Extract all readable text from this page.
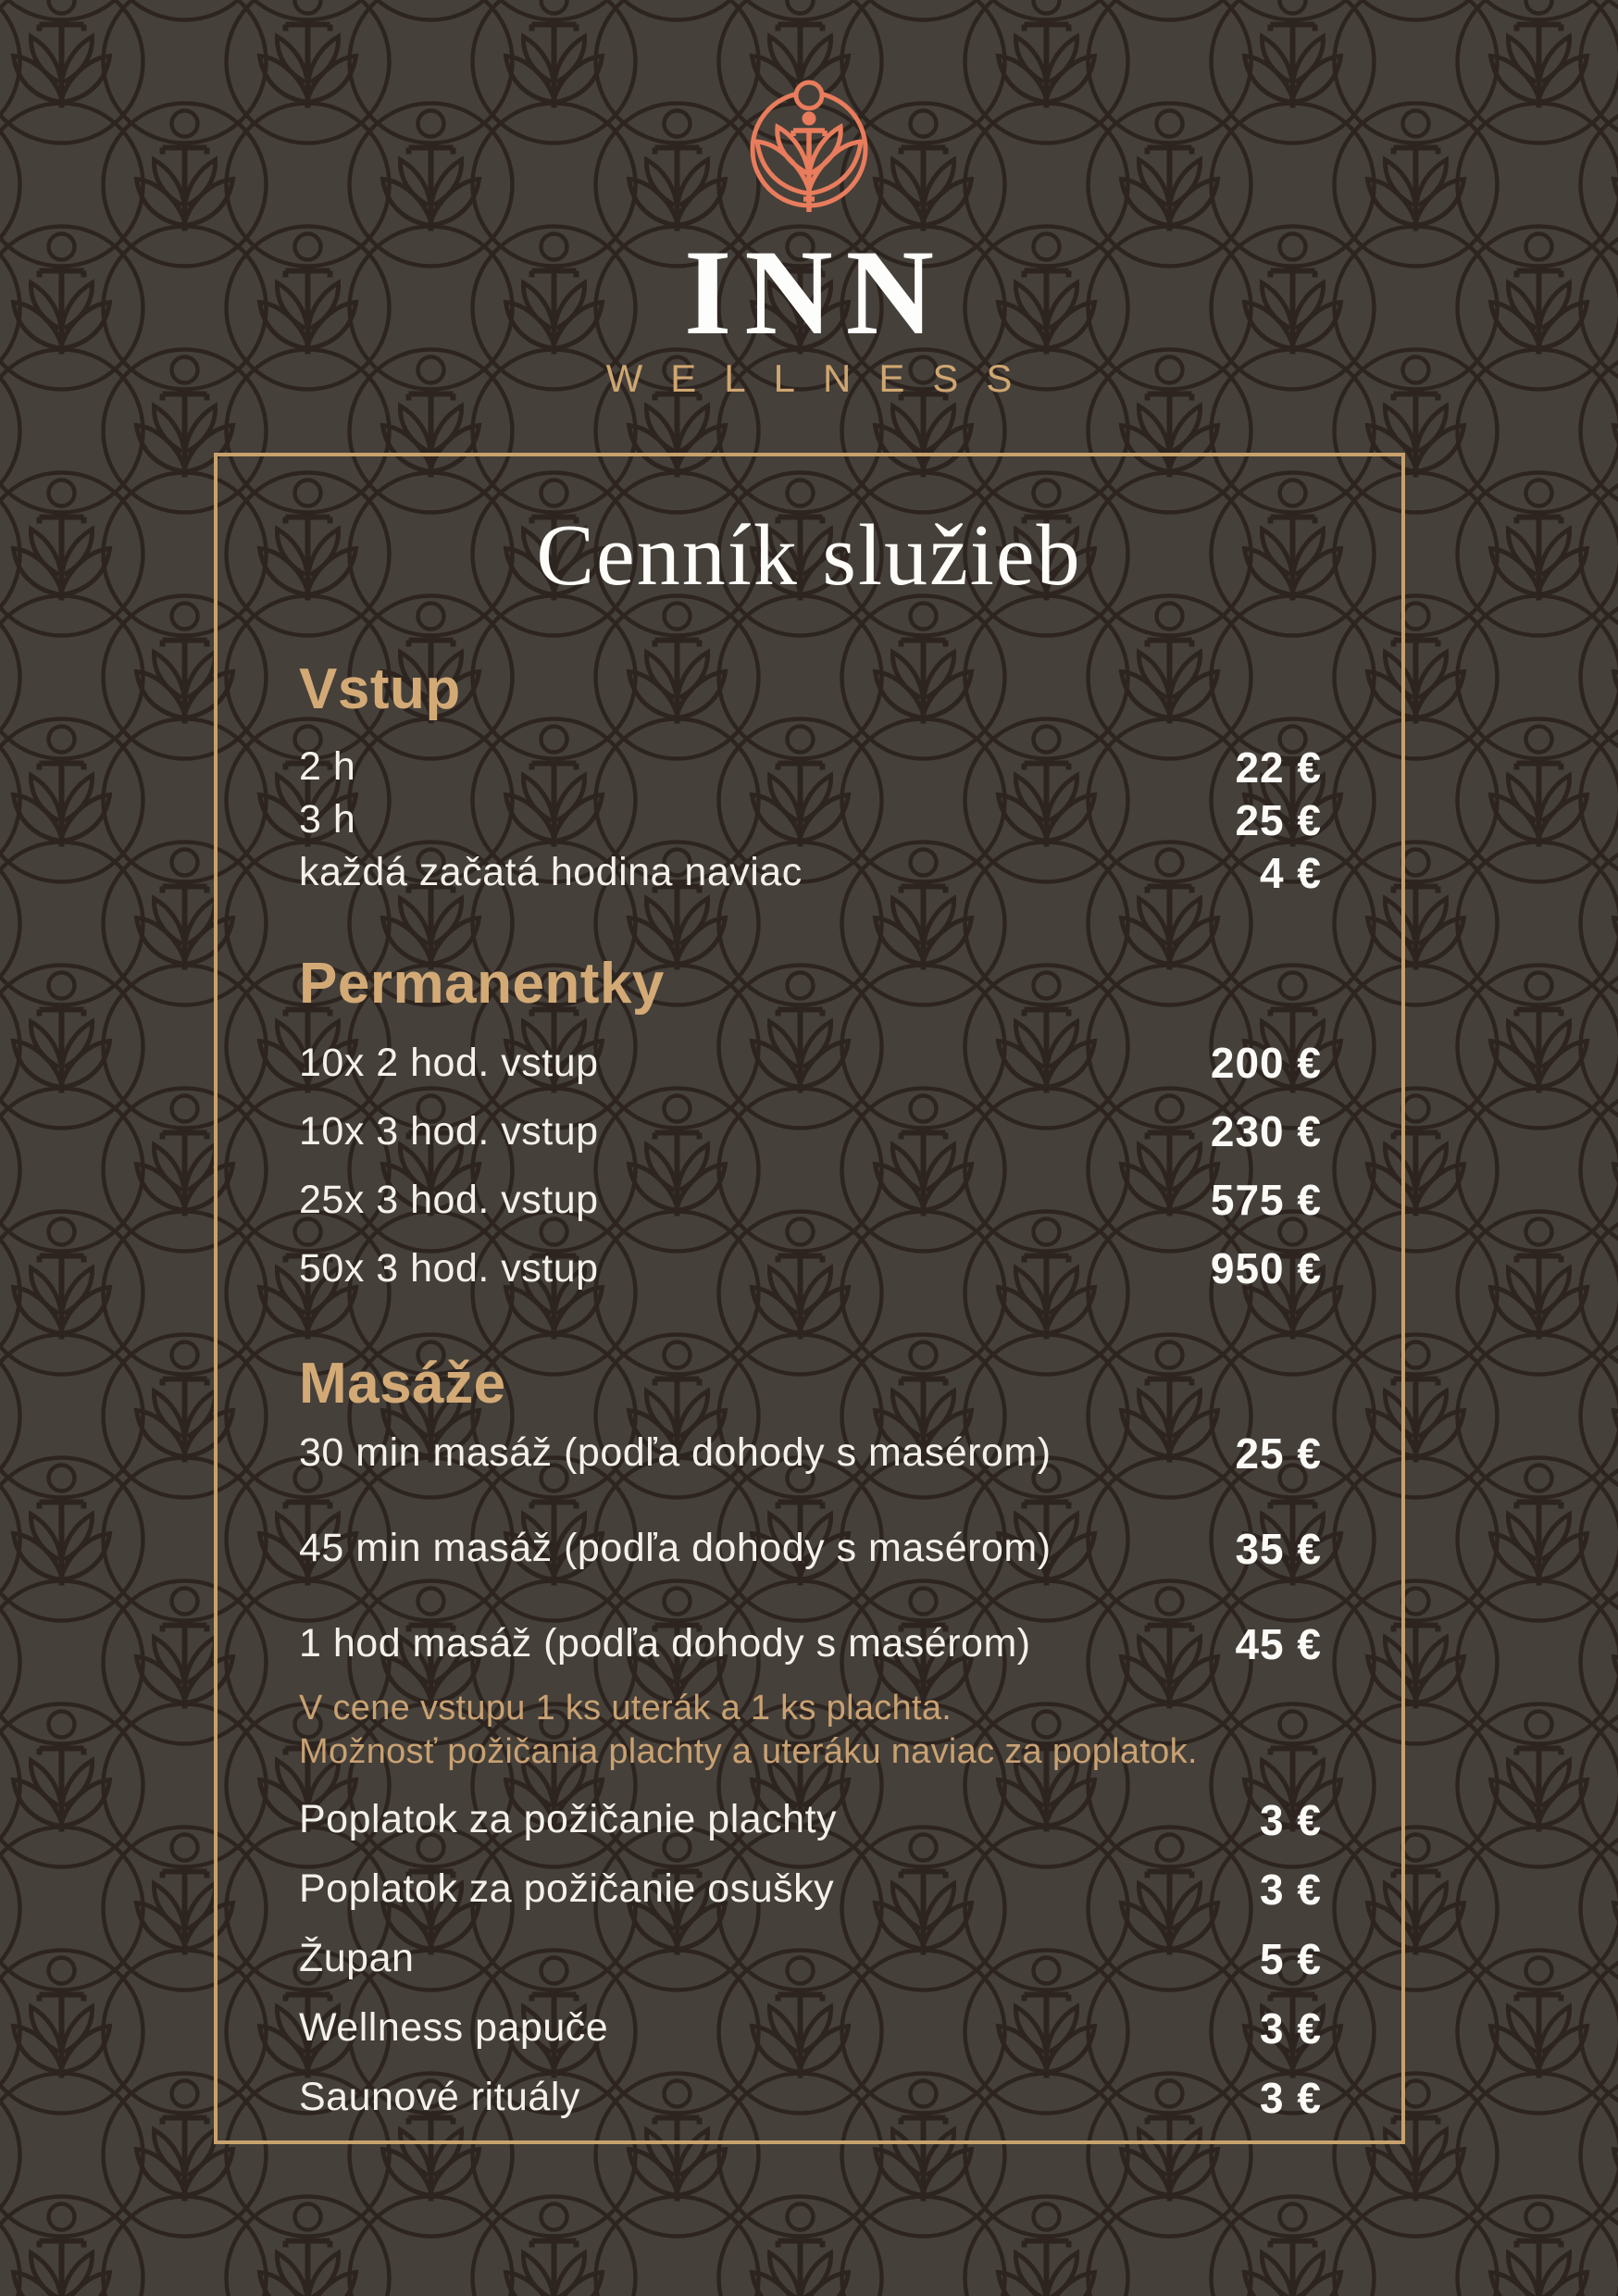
INN
WELLNESS
Cenník služieb
Vstup
2 h	22 €
3 h	25 €
každá začatá hodina naviac	4 €
Permanentky
10x 2 hod. vstup	200 €
10x 3 hod. vstup	230 €
25x 3 hod. vstup	575 €
50x 3 hod. vstup	950 €
Masáže
30 min masáž (podľa dohody s masérom)	25 €
45 min masáž (podľa dohody s masérom)	35 €
1 hod masáž (podľa dohody s masérom)	45 €
V cene vstupu 1 ks uterák a 1 ks plachta.
Možnosť požičania plachty a uteráku naviac za poplatok.
Poplatok za požičanie plachty	3 €
Poplatok za požičanie osušky	3 €
Župan	5 €
Wellness papuče	3 €
Saunové rituály	3 €
